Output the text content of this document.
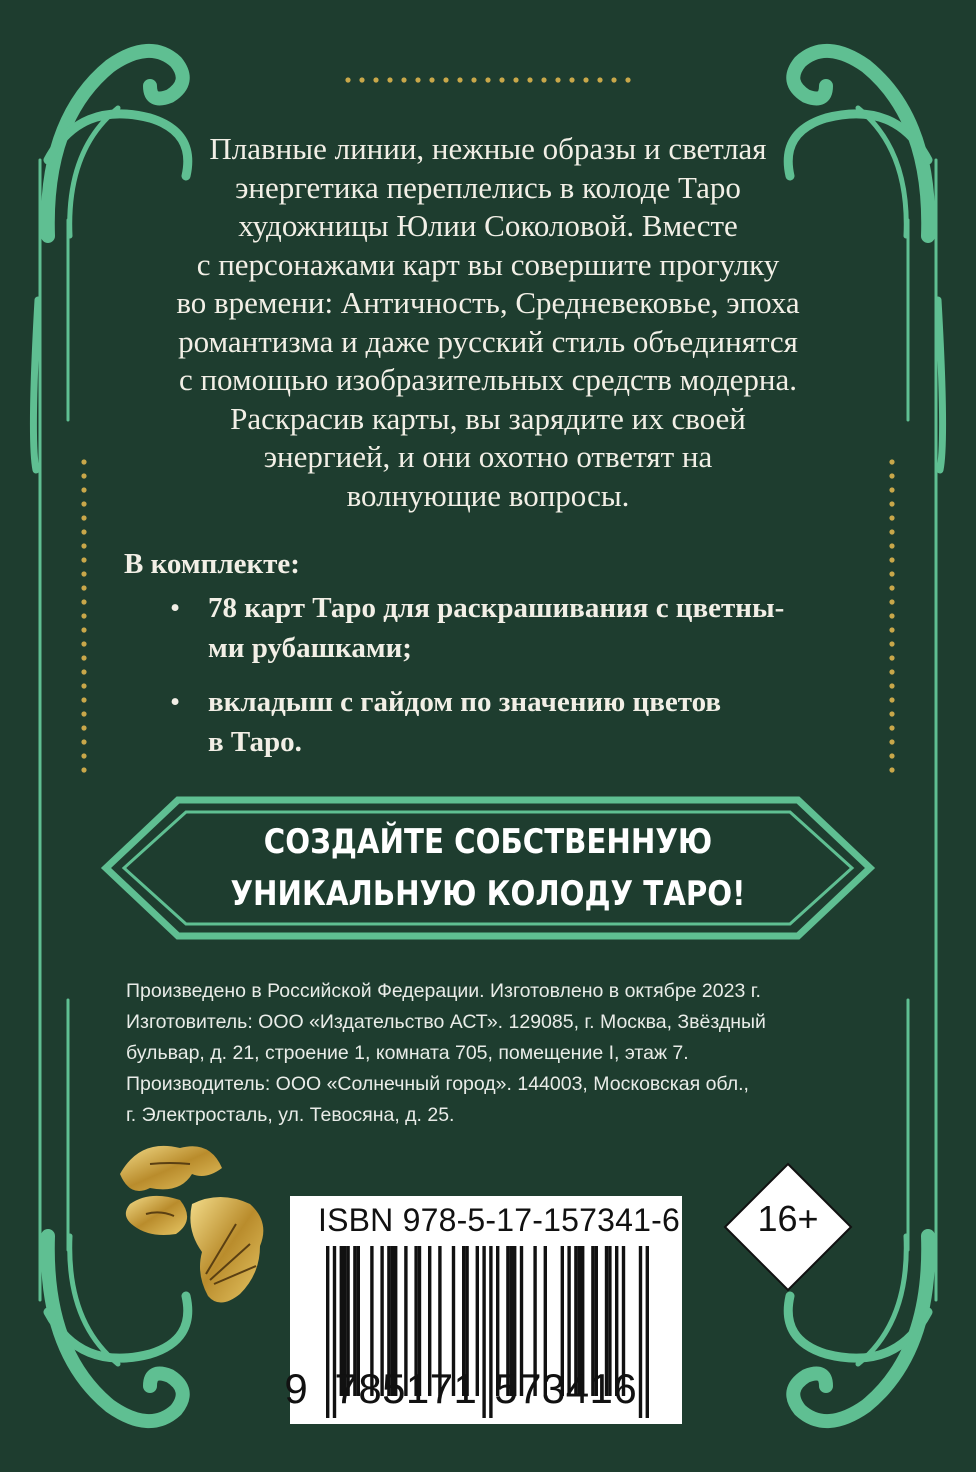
Плавные линии, нежные образы и светлая
энергетика переплелись в колоде Таро
художницы Юлии Соколовой. Вместе
с персонажами карт вы совершите прогулку
во времени: Античность, Средневековье, эпоха
романтизма и даже русский стиль объединятся
с помощью изобразительных средств модерна.
Раскрасив карты, вы зарядите их своей
энергией, и они охотно ответят на
волнующие вопросы.

В комплекте:

• 78 карт Таро для раскрашивания с цветны-
ми рубашками;
• вкладыш с гайдом по значению цветов
в Таро.
СОЗДАЙТЕ СОБСТВЕННУЮ
УНИКАЛЬНУЮ КОЛОДУ ТАРО!
Произведено в Российской Федерации. Изготовлено в октябре 2023 г.
Изготовитель: ООО «Издательство АСТ». 129085, г. Москва, Звёздный
бульвар, д. 21, строение 1, комната 705, помещение I, этаж 7.
Производитель: ООО «Солнечный город». 144003, Московская обл.,
г. Электросталь, ул. Тевосяна, д. 25.
ISBN 978-5-17-157341-6
9 7 8 5 1 7 1 5 7 3 4 1 6
16+
